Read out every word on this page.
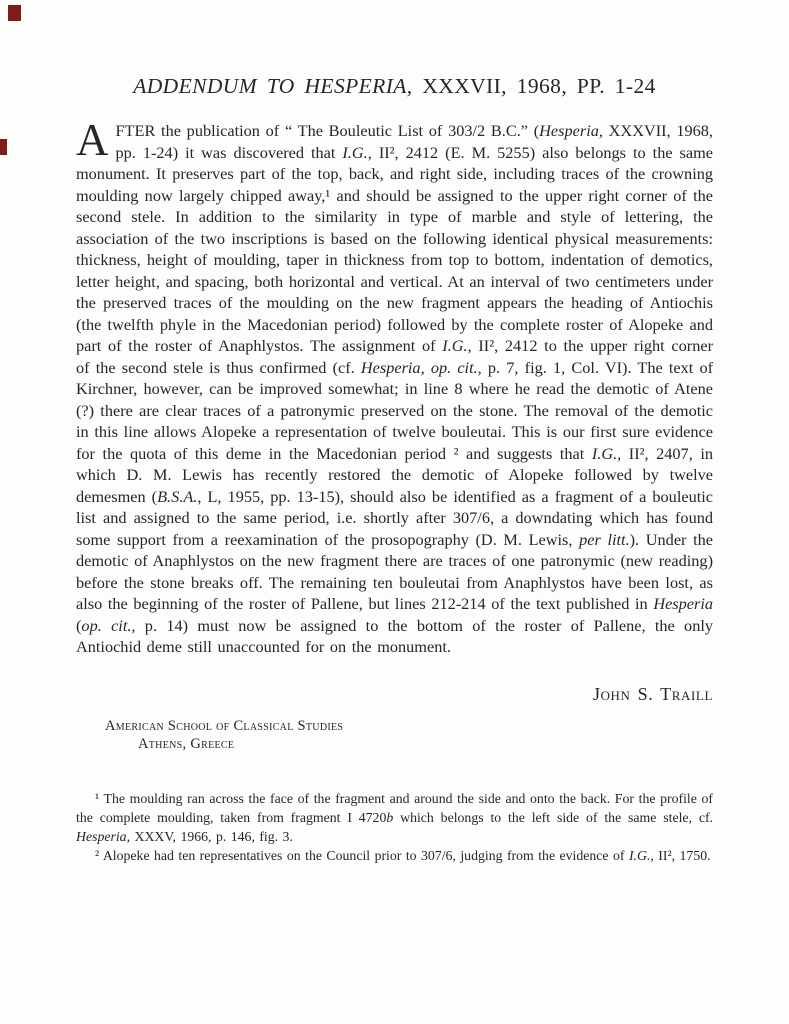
ADDENDUM TO HESPERIA, XXXVII, 1968, PP. 1-24

AFTER the publication of “ The Bouleutic List of 303/2 B.C.” (Hesperia, XXXVII, 1968, pp. 1-24) it was discovered that I.G., II², 2412 (E. M. 5255) also belongs to the same monument. It preserves part of the top, back, and right side, including traces of the crowning moulding now largely chipped away,¹ and should be assigned to the upper right corner of the second stele. In addition to the similarity in type of marble and style of lettering, the association of the two inscriptions is based on the following identical physical measurements: thickness, height of moulding, taper in thickness from top to bottom, indentation of demotics, letter height, and spacing, both horizontal and vertical. At an interval of two centimeters under the preserved traces of the moulding on the new fragment appears the heading of Antiochis (the twelfth phyle in the Macedonian period) followed by the complete roster of Alopeke and part of the roster of Anaphlystos. The assignment of I.G., II², 2412 to the upper right corner of the second stele is thus confirmed (cf. Hesperia, op. cit., p. 7, fig. 1, Col. VI). The text of Kirchner, however, can be improved somewhat; in line 8 where he read the demotic of Atene (?) there are clear traces of a patronymic preserved on the stone. The removal of the demotic in this line allows Alopeke a representation of twelve bouleutai. This is our first sure evidence for the quota of this deme in the Macedonian period ² and suggests that I.G., II², 2407, in which D. M. Lewis has recently restored the demotic of Alopeke followed by twelve demesmen (B.S.A., L, 1955, pp. 13-15), should also be identified as a fragment of a bouleutic list and assigned to the same period, i.e. shortly after 307/6, a downdating which has found some support from a reexamination of the prosopography (D. M. Lewis, per litt.). Under the demotic of Anaphlystos on the new fragment there are traces of one patronymic (new reading) before the stone breaks off. The remaining ten bouleutai from Anaphlystos have been lost, as also the beginning of the roster of Pallene, but lines 212-214 of the text published in Hesperia (op. cit., p. 14) must now be assigned to the bottom of the roster of Pallene, the only Antiochid deme still unaccounted for on the monument.

John S. Traill
American School of Classical Studies
Athens, Greece

¹ The moulding ran across the face of the fragment and around the side and onto the back. For the profile of the complete moulding, taken from fragment I 4720b which belongs to the left side of the same stele, cf. Hesperia, XXXV, 1966, p. 146, fig. 3.

² Alopeke had ten representatives on the Council prior to 307/6, judging from the evidence of I.G., II², 1750.
